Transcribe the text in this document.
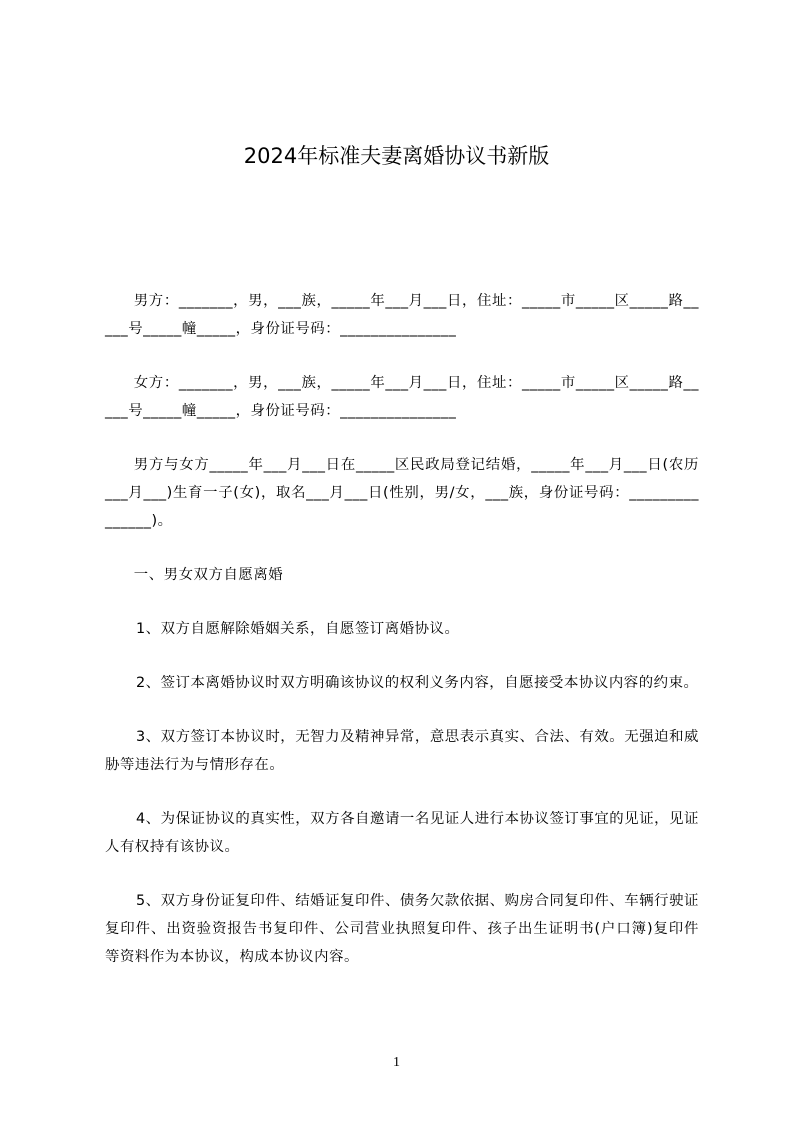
2024年标准夫妻离婚协议书新版

男方：_______，男，___族，_____年___月___日，住址：_____市_____区_____路_____号_____幢_____，身份证号码：_______________

女方：_______，男，___族，_____年___月___日，住址：_____市_____区_____路_____号_____幢_____，身份证号码：_______________

男方与女方_____年___月___日在_____区民政局登记结婚，_____年___月___日(农历___月___)生育一子(女)，取名___月___日(性别，男/女，___族，身份证号码：_______________)。

一、男女双方自愿离婚

1、双方自愿解除婚姻关系，自愿签订离婚协议。

2、签订本离婚协议时双方明确该协议的权利义务内容，自愿接受本协议内容的约束。

3、双方签订本协议时，无智力及精神异常，意思表示真实、合法、有效。无强迫和威胁等违法行为与情形存在。

4、为保证协议的真实性，双方各自邀请一名见证人进行本协议签订事宜的见证，见证人有权持有该协议。

5、双方身份证复印件、结婚证复印件、债务欠款依据、购房合同复印件、车辆行驶证复印件、出资验资报告书复印件、公司营业执照复印件、孩子出生证明书(户口簿)复印件等资料作为本协议，构成本协议内容。

1
